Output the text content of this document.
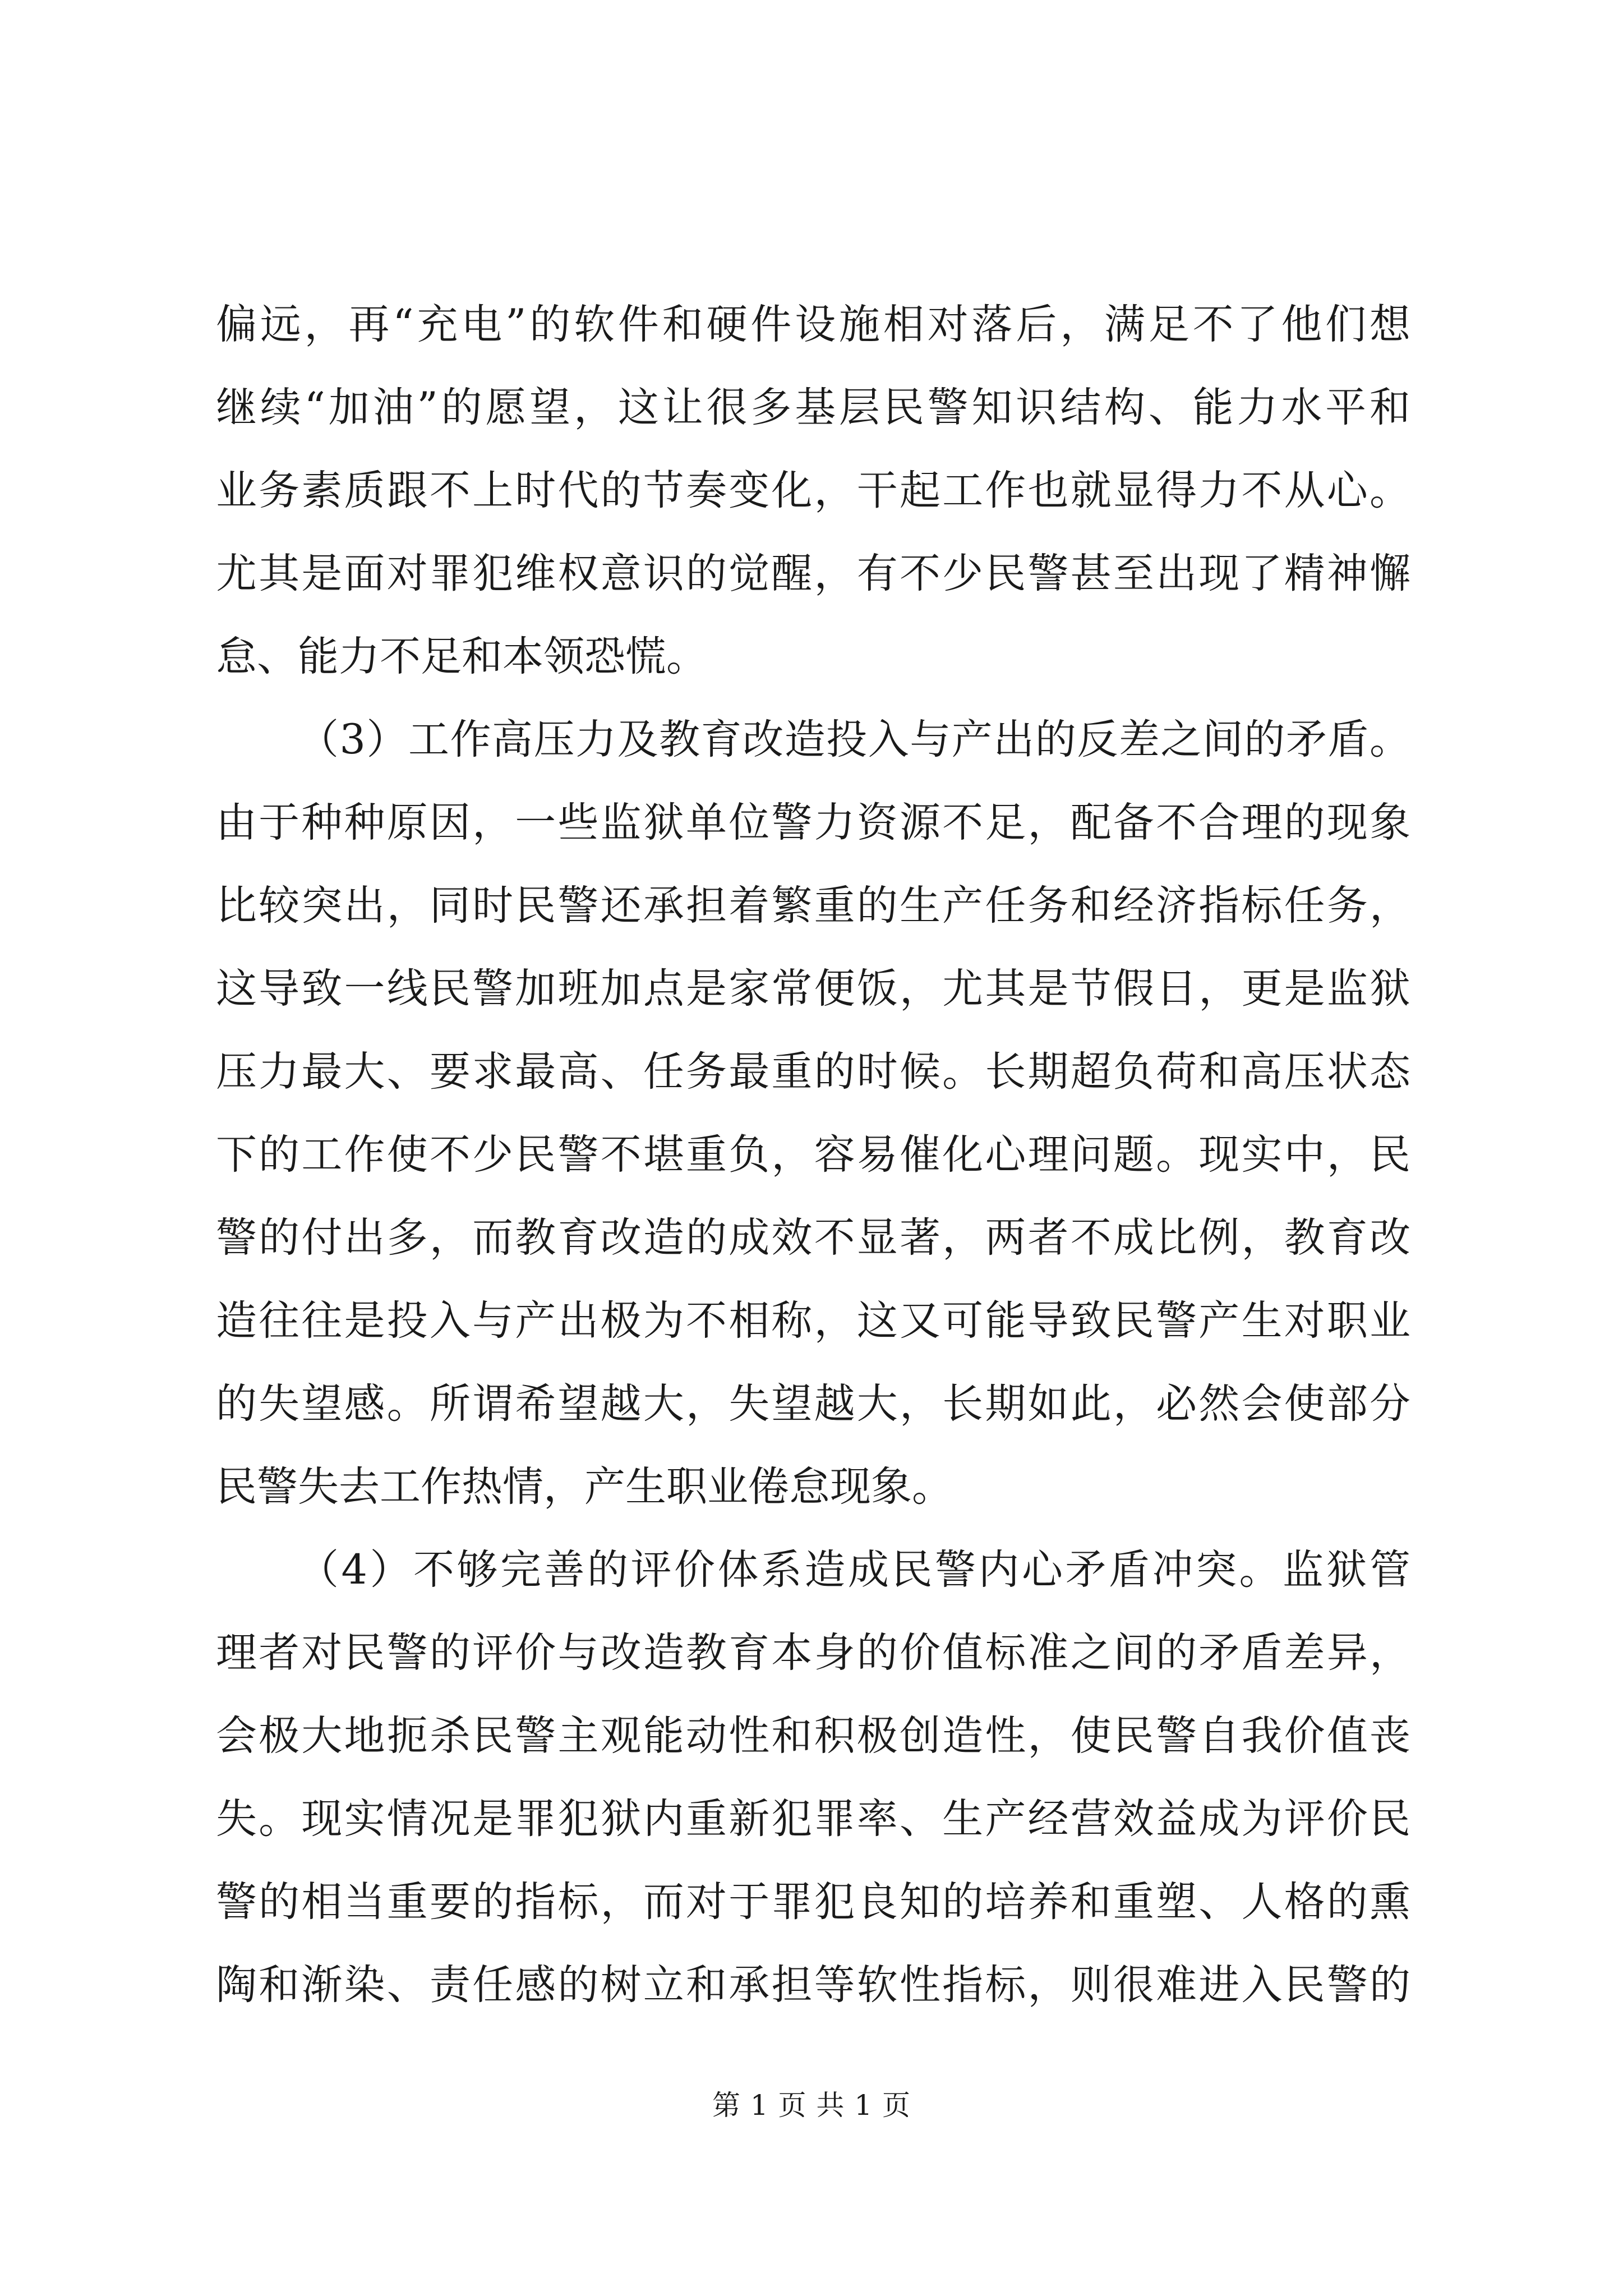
偏远，再“充电”的软件和硬件设施相对落后，满足不了他们想
继续“加油”的愿望，这让很多基层民警知识结构、能力水平和
业务素质跟不上时代的节奏变化，干起工作也就显得力不从心。
尤其是面对罪犯维权意识的觉醒，有不少民警甚至出现了精神懈
怠、能力不足和本领恐慌。
（3）工作高压力及教育改造投入与产出的反差之间的矛盾。
由于种种原因，一些监狱单位警力资源不足，配备不合理的现象
比较突出，同时民警还承担着繁重的生产任务和经济指标任务，
这导致一线民警加班加点是家常便饭，尤其是节假日，更是监狱
压力最大、要求最高、任务最重的时候。长期超负荷和高压状态
下的工作使不少民警不堪重负，容易催化心理问题。现实中，民
警的付出多，而教育改造的成效不显著，两者不成比例，教育改
造往往是投入与产出极为不相称，这又可能导致民警产生对职业
的失望感。所谓希望越大，失望越大，长期如此，必然会使部分
民警失去工作热情，产生职业倦怠现象。
（4）不够完善的评价体系造成民警内心矛盾冲突。监狱管
理者对民警的评价与改造教育本身的价值标准之间的矛盾差异，
会极大地扼杀民警主观能动性和积极创造性，使民警自我价值丧
失。现实情况是罪犯狱内重新犯罪率、生产经营效益成为评价民
警的相当重要的指标，而对于罪犯良知的培养和重塑、人格的熏
陶和渐染、责任感的树立和承担等软性指标，则很难进入民警的
第 1 页 共 1 页
